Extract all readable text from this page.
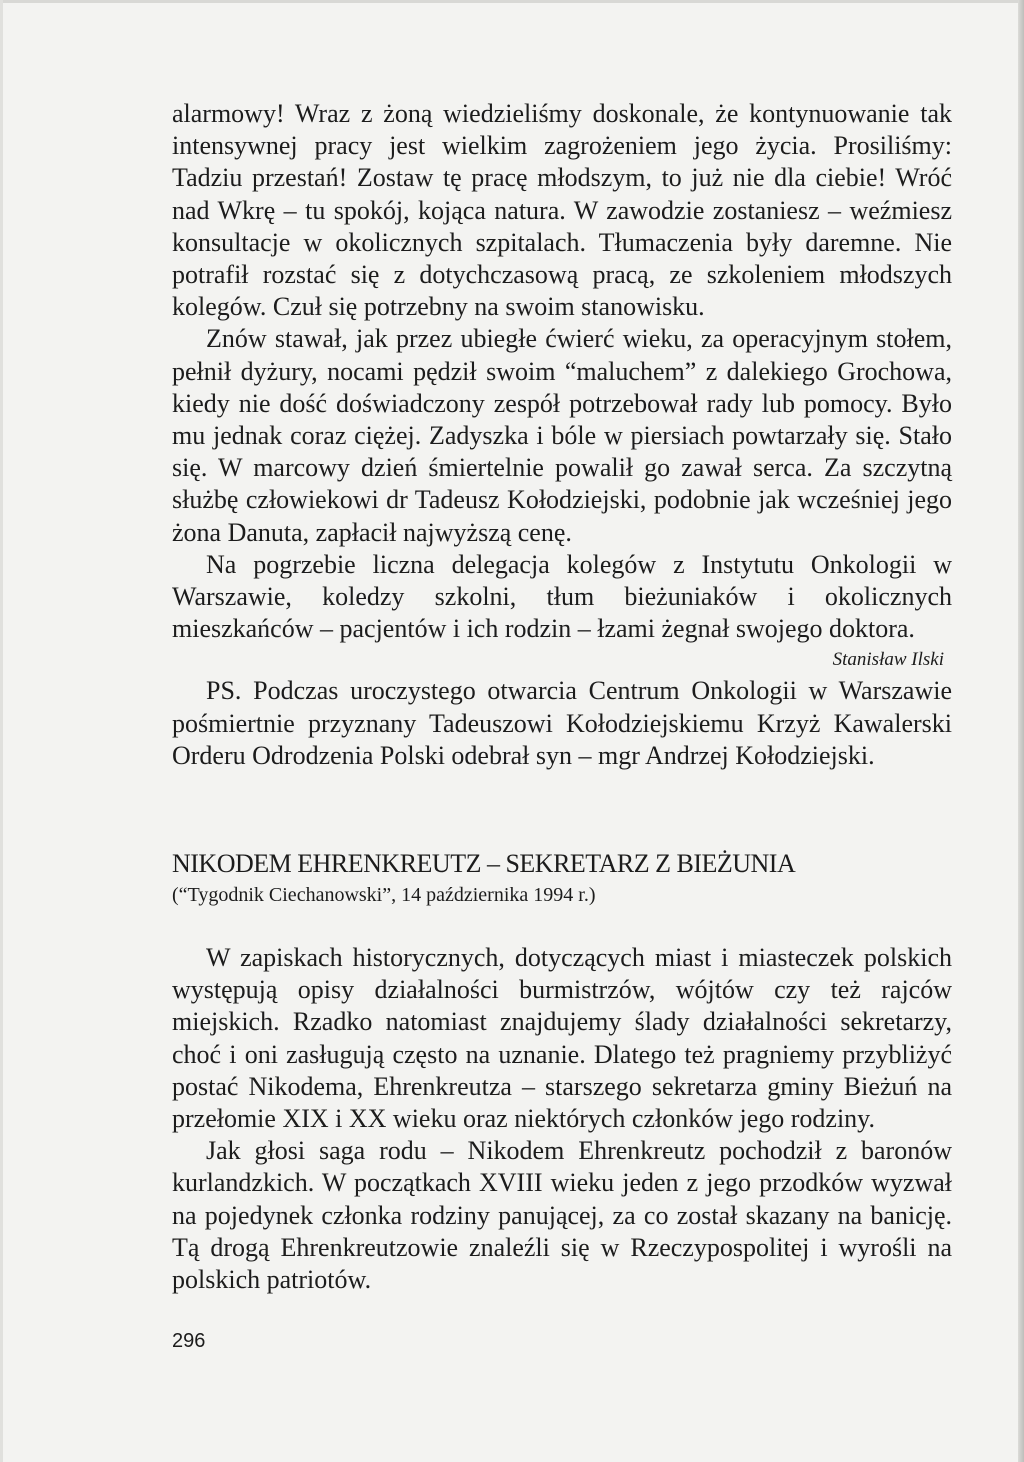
alarmowy! Wraz z żoną wiedzieliśmy doskonale, że kontynuowanie tak intensywnej pracy jest wielkim zagrożeniem jego życia. Prosiliśmy: Tadziu przestań! Zostaw tę pracę młodszym, to już nie dla ciebie! Wróć nad Wkrę – tu spokój, kojąca natura. W zawodzie zostaniesz – weźmiesz konsultacje w okolicznych szpitalach. Tłumaczenia były daremne. Nie potrafił rozstać się z dotychczasową pracą, ze szkoleniem młodszych kolegów. Czuł się potrzebny na swoim stanowisku.

Znów stawał, jak przez ubiegłe ćwierć wieku, za operacyjnym stołem, pełnił dyżury, nocami pędził swoim “maluchem” z dalekiego Grochowa, kiedy nie dość doświadczony zespół potrzebował rady lub pomocy. Było mu jednak coraz ciężej. Zadyszka i bóle w piersiach powtarzały się. Stało się. W marcowy dzień śmiertelnie powalił go zawał serca. Za szczytną służbę człowiekowi dr Tadeusz Kołodziejski, podobnie jak wcześniej jego żona Danuta, zapłacił najwyższą cenę.

Na pogrzebie liczna delegacja kolegów z Instytutu Onkologii w Warszawie, koledzy szkolni, tłum bieżuniaków i okolicznych mieszkańców – pacjentów i ich rodzin – łzami żegnał swojego doktora.

Stanisław Ilski

PS. Podczas uroczystego otwarcia Centrum Onkologii w Warszawie pośmiertnie przyznany Tadeuszowi Kołodziejskiemu Krzyż Kawalerski Orderu Odrodzenia Polski odebrał syn – mgr Andrzej Kołodziejski.

NIKODEM EHRENKREUTZ – SEKRETARZ Z BIEŻUNIA

(“Tygodnik Ciechanowski”, 14 października 1994 r.)

W zapiskach historycznych, dotyczących miast i miasteczek polskich występują opisy działalności burmistrzów, wójtów czy też rajców miejskich. Rzadko natomiast znajdujemy ślady działalności sekretarzy, choć i oni zasługują często na uznanie. Dlatego też pragniemy przybliżyć postać Nikodema, Ehrenkreutza – starszego sekretarza gminy Bieżuń na przełomie XIX i XX wieku oraz niektórych członków jego rodziny.

Jak głosi saga rodu – Nikodem Ehrenkreutz pochodził z baronów kurlandzkich. W początkach XVIII wieku jeden z jego przodków wyzwał na pojedynek członka rodziny panującej, za co został skazany na banicję. Tą drogą Ehrenkreutzowie znaleźli się w Rzeczypospolitej i wyrośli na polskich patriotów.

296
